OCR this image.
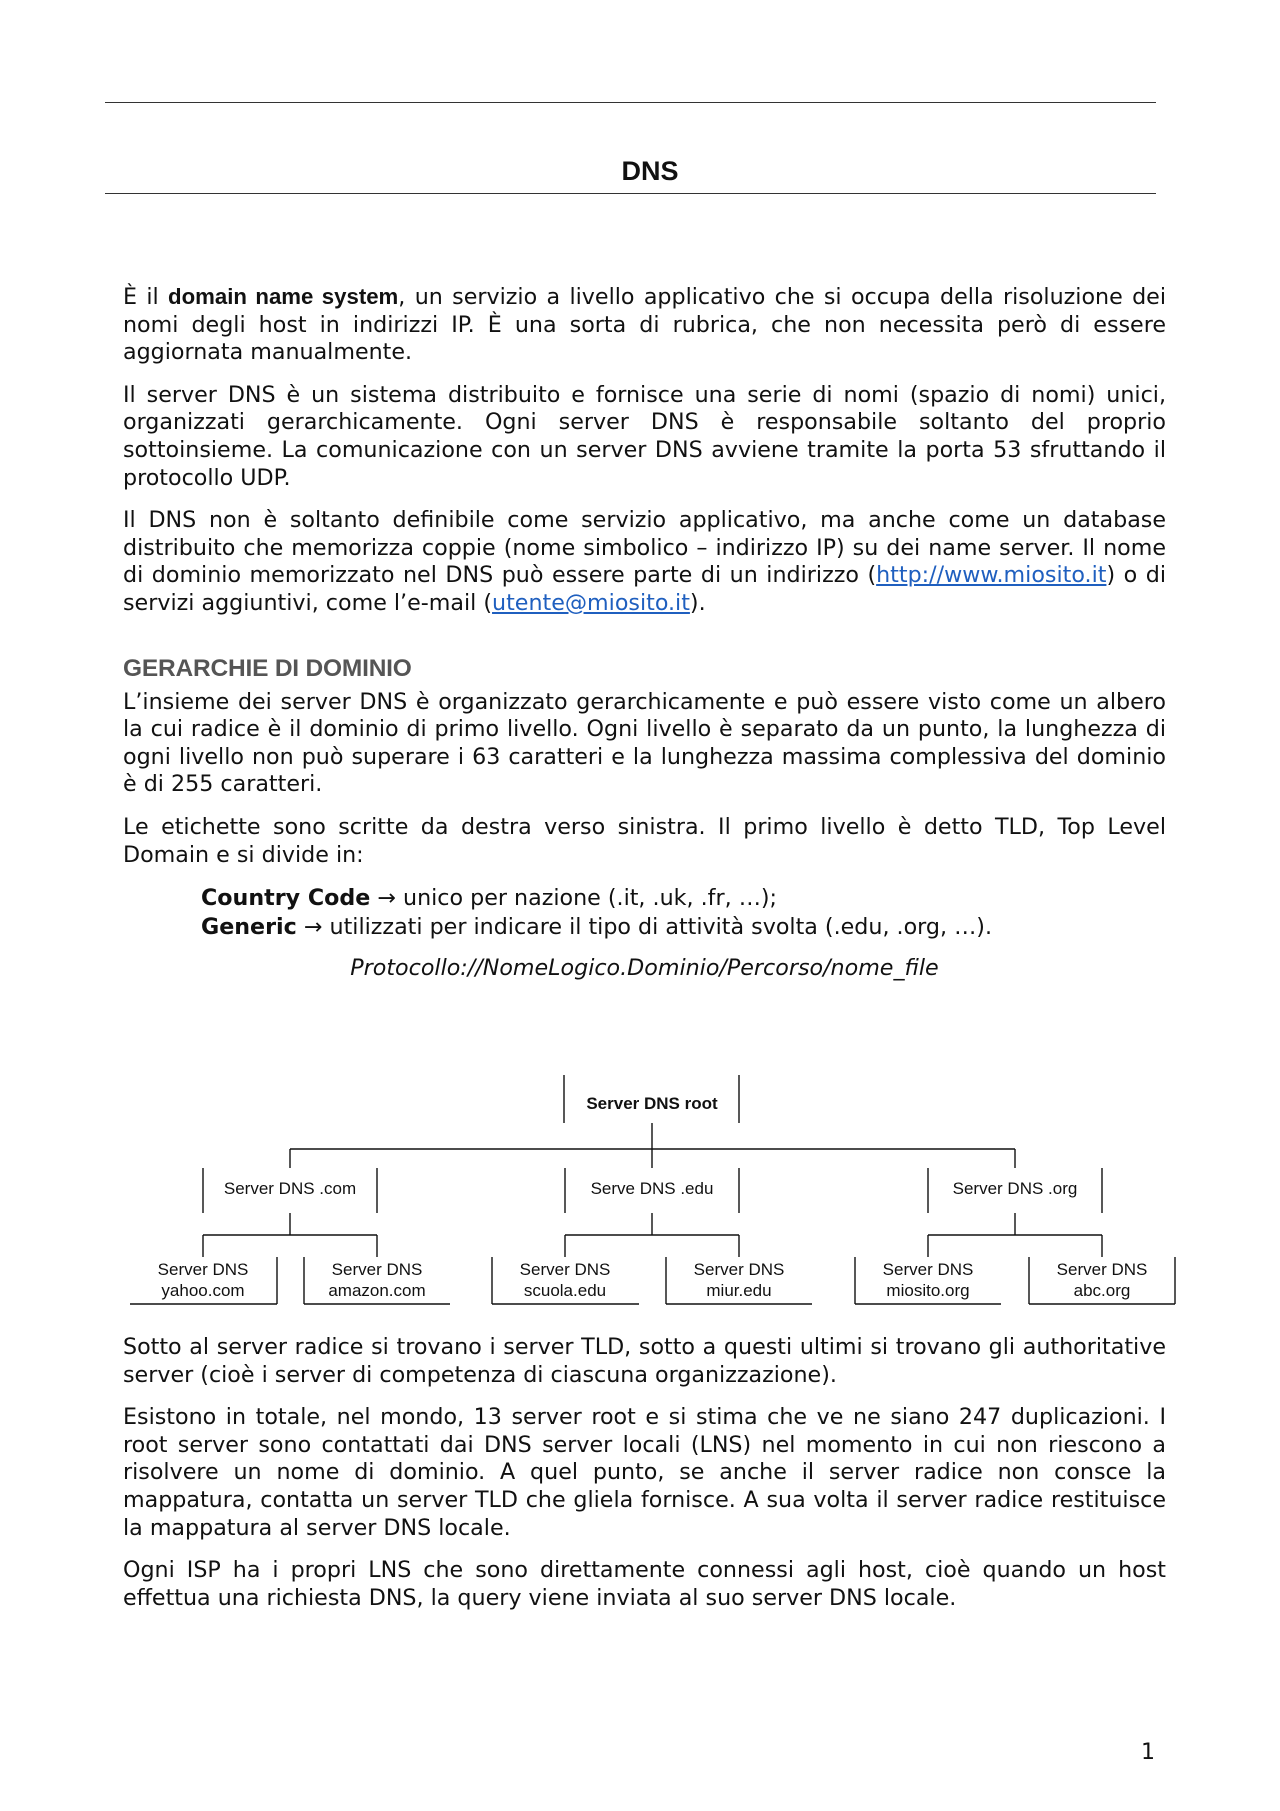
DNS

È il domain name system, un servizio a livello applicativo che si occupa della risoluzione dei nomi degli host in indirizzi IP. È una sorta di rubrica, che non necessita però di essere aggiornata manualmente.

Il server DNS è un sistema distribuito e fornisce una serie di nomi (spazio di nomi) unici, organizzati gerarchicamente. Ogni server DNS è responsabile soltanto del proprio sottoinsieme. La comunicazione con un server DNS avviene tramite la porta 53 sfruttando il protocollo UDP.

Il DNS non è soltanto definibile come servizio applicativo, ma anche come un database distribuito che memorizza coppie (nome simbolico – indirizzo IP) su dei name server. Il nome di dominio memorizzato nel DNS può essere parte di un indirizzo (http://www.miosito.it) o di servizi aggiuntivi, come l’e-mail (utente@miosito.it).

GERARCHIE DI DOMINIO

L’insieme dei server DNS è organizzato gerarchicamente e può essere visto come un albero la cui radice è il dominio di primo livello. Ogni livello è separato da un punto, la lunghezza di ogni livello non può superare i 63 caratteri e la lunghezza massima complessiva del dominio è di 255 caratteri.

Le etichette sono scritte da destra verso sinistra. Il primo livello è detto TLD, Top Level Domain e si divide in:

Country Code → unico per nazione (.it, .uk, .fr, …);
Generic → utilizzati per indicare il tipo di attività svolta (.edu, .org, …).
Protocollo://NomeLogico.Dominio/Percorso/nome_file
Server DNS root
Server DNS .com	Serve DNS .edu	Server DNS .org
Server DNS
yahoo.com
Server DNS
amazon.com
Server DNS
scuola.edu
Server DNS
miur.edu
Server DNS
miosito.org
Server DNS
abc.org

Sotto al server radice si trovano i server TLD, sotto a questi ultimi si trovano gli authoritative server (cioè i server di competenza di ciascuna organizzazione).

Esistono in totale, nel mondo, 13 server root e si stima che ve ne siano 247 duplicazioni. I root server sono contattati dai DNS server locali (LNS) nel momento in cui non riescono a risolvere un nome di dominio. A quel punto, se anche il server radice non consce la mappatura, contatta un server TLD che gliela fornisce. A sua volta il server radice restituisce la mappatura al server DNS locale.

Ogni ISP ha i propri LNS che sono direttamente connessi agli host, cioè quando un host effettua una richiesta DNS, la query viene inviata al suo server DNS locale.

1
